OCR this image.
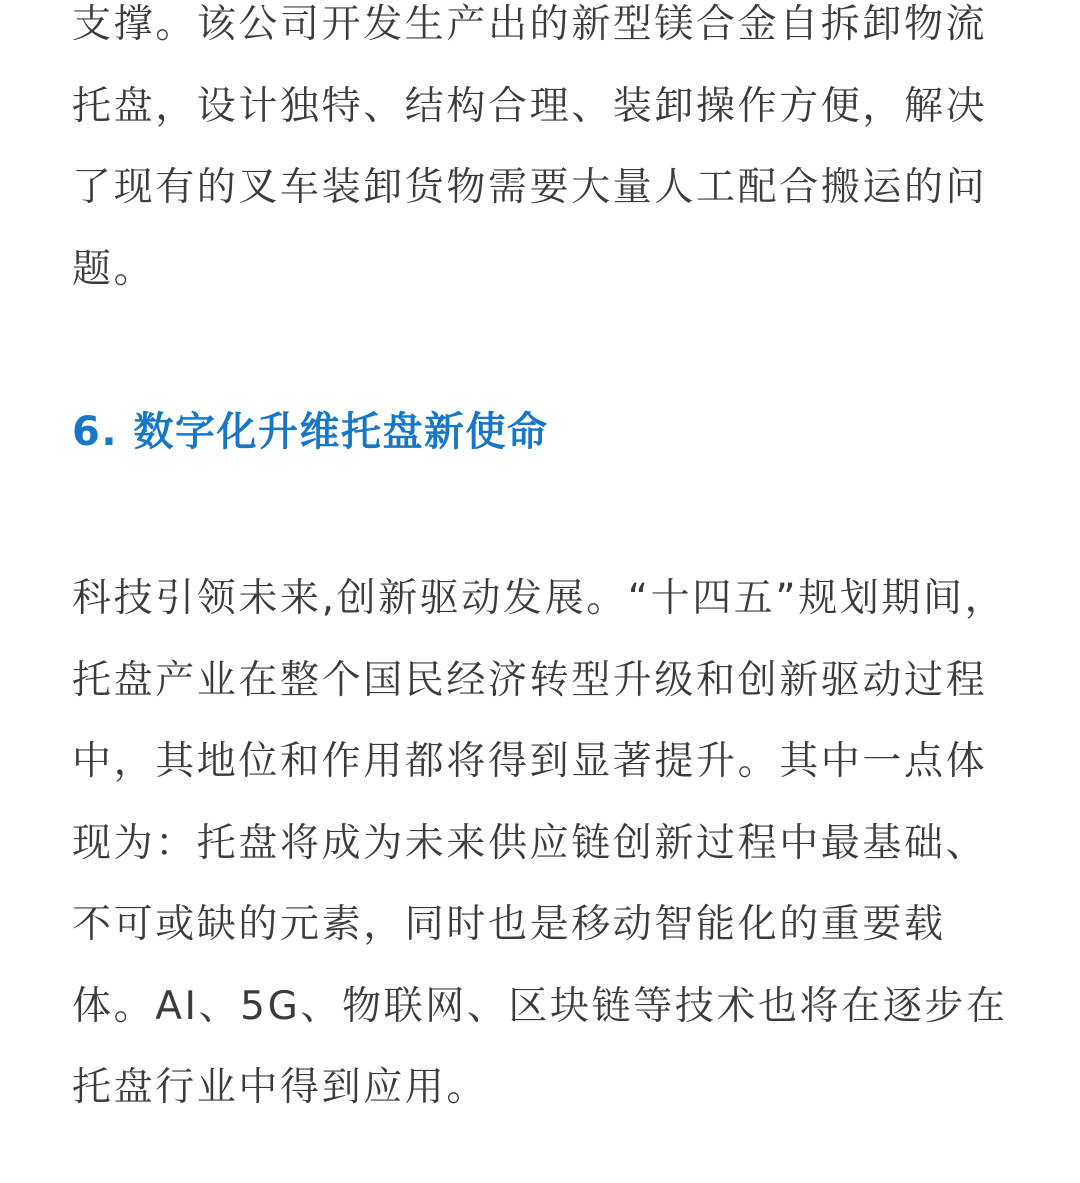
支撑。该公司开发生产出的新型镁合金自拆卸物流
托盘，设计独特、结构合理、装卸操作方便，解决
了现有的叉车装卸货物需要大量人工配合搬运的问
题。

6. 数字化升维托盘新使命

科技引领未来,创新驱动发展。“十四五”规划期间，
托盘产业在整个国民经济转型升级和创新驱动过程
中，其地位和作用都将得到显著提升。其中一点体
现为：托盘将成为未来供应链创新过程中最基础、
不可或缺的元素，同时也是移动智能化的重要载
体。AI、5G、物联网、区块链等技术也将在逐步在
托盘行业中得到应用。
